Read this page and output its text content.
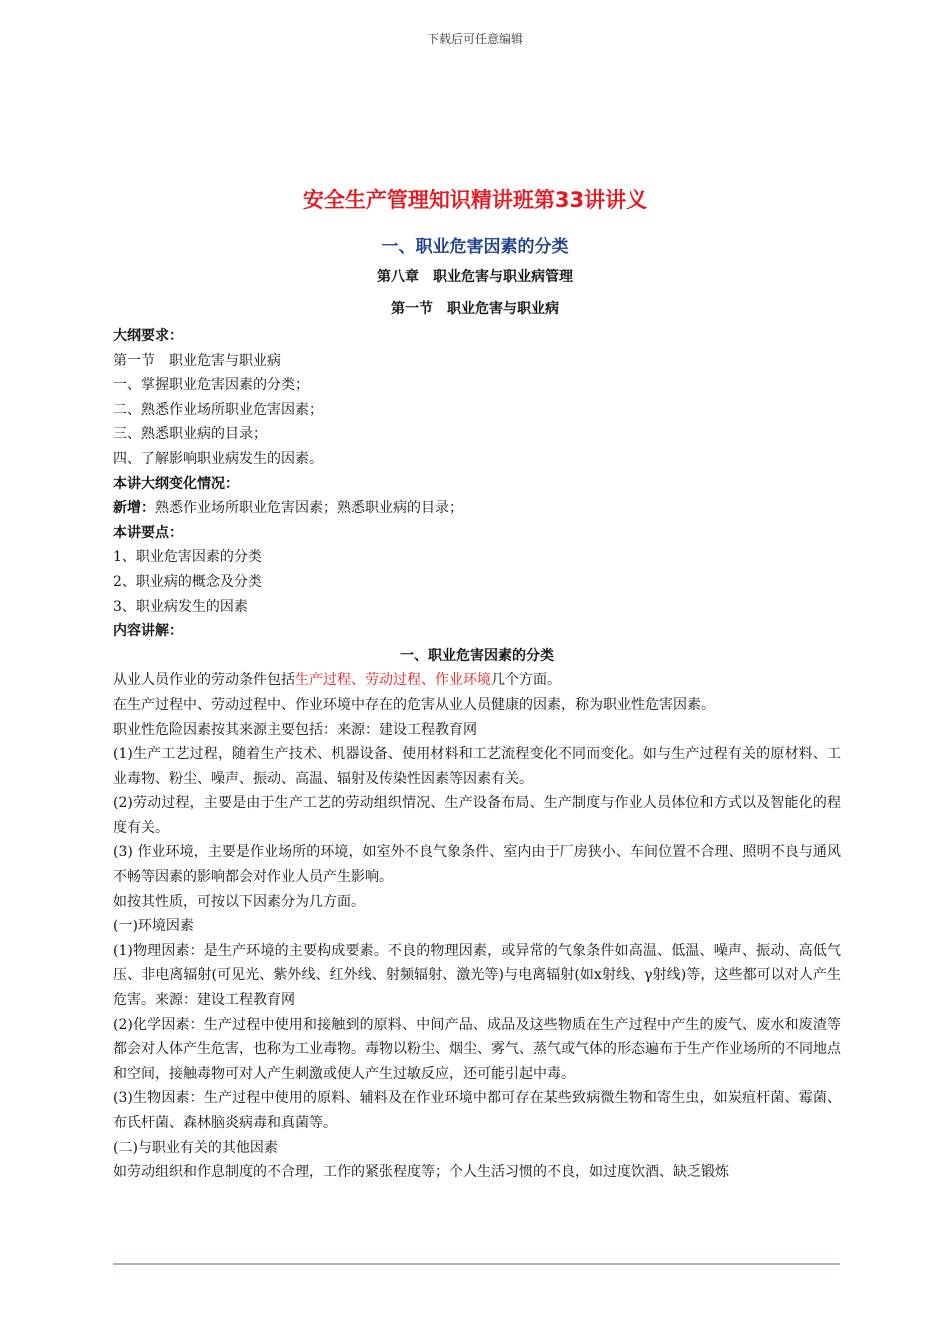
下载后可任意编辑
安全生产管理知识精讲班第33讲讲义
一、职业危害因素的分类
第八章　职业危害与职业病管理
第一节　职业危害与职业病

大纲要求：

第一节　职业危害与职业病

一、掌握职业危害因素的分类；

二、熟悉作业场所职业危害因素；

三、熟悉职业病的目录；

四、了解影响职业病发生的因素。

本讲大纲变化情况：

新增：熟悉作业场所职业危害因素；熟悉职业病的目录；

本讲要点：

1、职业危害因素的分类

2、职业病的概念及分类

3、职业病发生的因素

内容讲解：

一、职业危害因素的分类

从业人员作业的劳动条件包括生产过程、劳动过程、作业环境几个方面。

在生产过程中、劳动过程中、作业环境中存在的危害从业人员健康的因素，称为职业性危害因素。

职业性危险因素按其来源主要包括：来源：建设工程教育网

(1)生产工艺过程，随着生产技术、机器设备、使用材料和工艺流程变化不同而变化。如与生产过程有关的原材料、工业毒物、粉尘、噪声、振动、高温、辐射及传染性因素等因素有关。

(2)劳动过程，主要是由于生产工艺的劳动组织情况、生产设备布局、生产制度与作业人员体位和方式以及智能化的程度有关。

(3) 作业环境，主要是作业场所的环境，如室外不良气象条件、室内由于厂房狭小、车间位置不合理、照明不良与通风不畅等因素的影响都会对作业人员产生影响。

如按其性质，可按以下因素分为几方面。

(一)环境因素

(1)物理因素：是生产环境的主要构成要素。不良的物理因素，或异常的气象条件如高温、低温、噪声、振动、高低气压、非电离辐射(可见光、紫外线、红外线、射频辐射、激光等)与电离辐射(如x射线、γ射线)等，这些都可以对人产生危害。来源：建设工程教育网

(2)化学因素：生产过程中使用和接触到的原料、中间产品、成品及这些物质在生产过程中产生的废气、废水和废渣等都会对人体产生危害，也称为工业毒物。毒物以粉尘、烟尘、雾气、蒸气或气体的形态遍布于生产作业场所的不同地点和空间，接触毒物可对人产生刺激或使人产生过敏反应，还可能引起中毒。

(3)生物因素：生产过程中使用的原料、辅料及在作业环境中都可存在某些致病微生物和寄生虫，如炭疽杆菌、霉菌、布氏杆菌、森林脑炎病毒和真菌等。

(二)与职业有关的其他因素

如劳动组织和作息制度的不合理，工作的紧张程度等；个人生活习惯的不良，如过度饮酒、缺乏锻炼
